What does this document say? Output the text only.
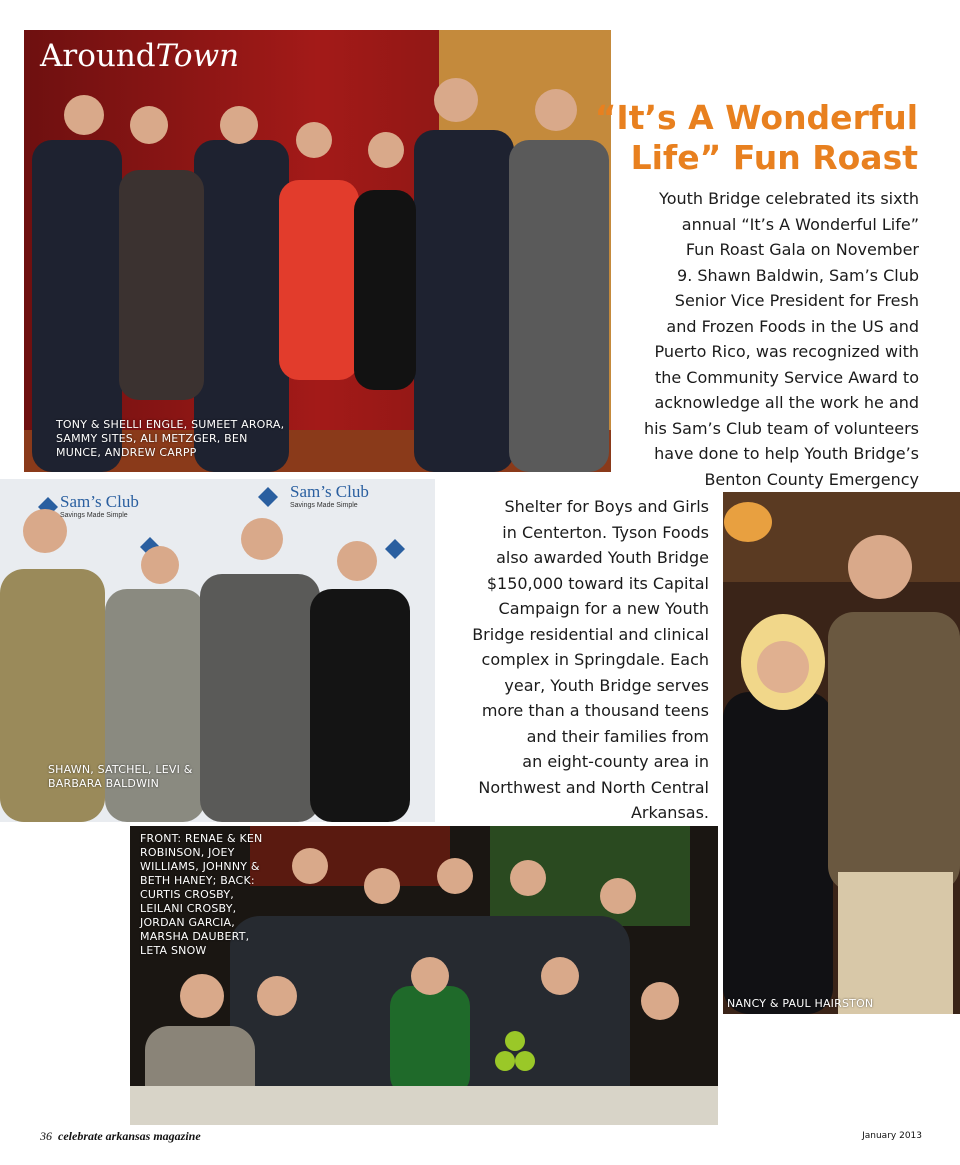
AroundTown
TONY & SHELLI ENGLE, SUMEET ARORA,
SAMMY SITES, ALI METZGER, BEN
MUNCE, ANDREW CARPP
“It’s A Wonderful
Life” Fun Roast
Youth Bridge celebrated its sixth
annual “It’s A Wonderful Life”
Fun Roast Gala on November
9. Shawn Baldwin, Sam’s Club
Senior Vice President for Fresh
and Frozen Foods in the US and
Puerto Rico, was recognized with
the Community Service Award to
acknowledge all the work he and
his Sam’s Club team of volunteers
have done to help Youth Bridge’s
Benton County Emergency
Sam’s Club
Savings Made Simple
Sam’s Club
Savings Made Simple
SHAWN, SATCHEL, LEVI &
BARBARA BALDWIN
Shelter for Boys and Girls
in Centerton. Tyson Foods
also awarded Youth Bridge
$150,000 toward its Capital
Campaign for a new Youth
Bridge residential and clinical
complex in Springdale. Each
year, Youth Bridge serves
more than a thousand teens
and their families from
an eight-county area in
Northwest and North Central
Arkansas.
NANCY & PAUL HAIRSTON
FRONT: RENAE & KEN
ROBINSON, JOEY
WILLIAMS, JOHNNY &
BETH HANEY; BACK:
CURTIS CROSBY,
LEILANI CROSBY,
JORDAN GARCIA,
MARSHA DAUBERT,
LETA SNOW
36 celebrate arkansas magazine	January 2013
